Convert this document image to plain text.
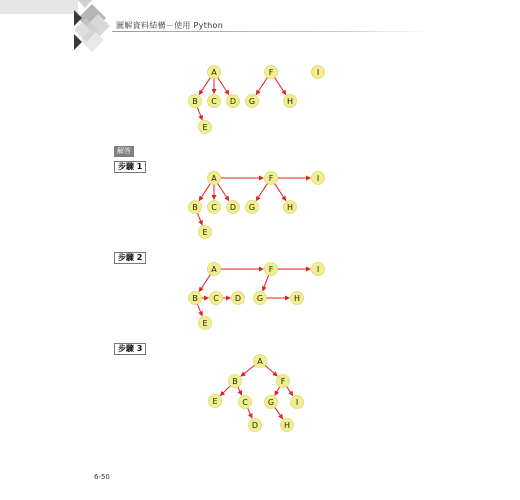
圖解資料結構－使用 Python
解答
步驟 1
步驟 2
步驟 3
A
B C D
E
F
G	H
I
A
B C D
E
F
G	H
I
A
B C D
E
F
G	H
I
A
B
C
D
E
F
G
H
I
6-50
